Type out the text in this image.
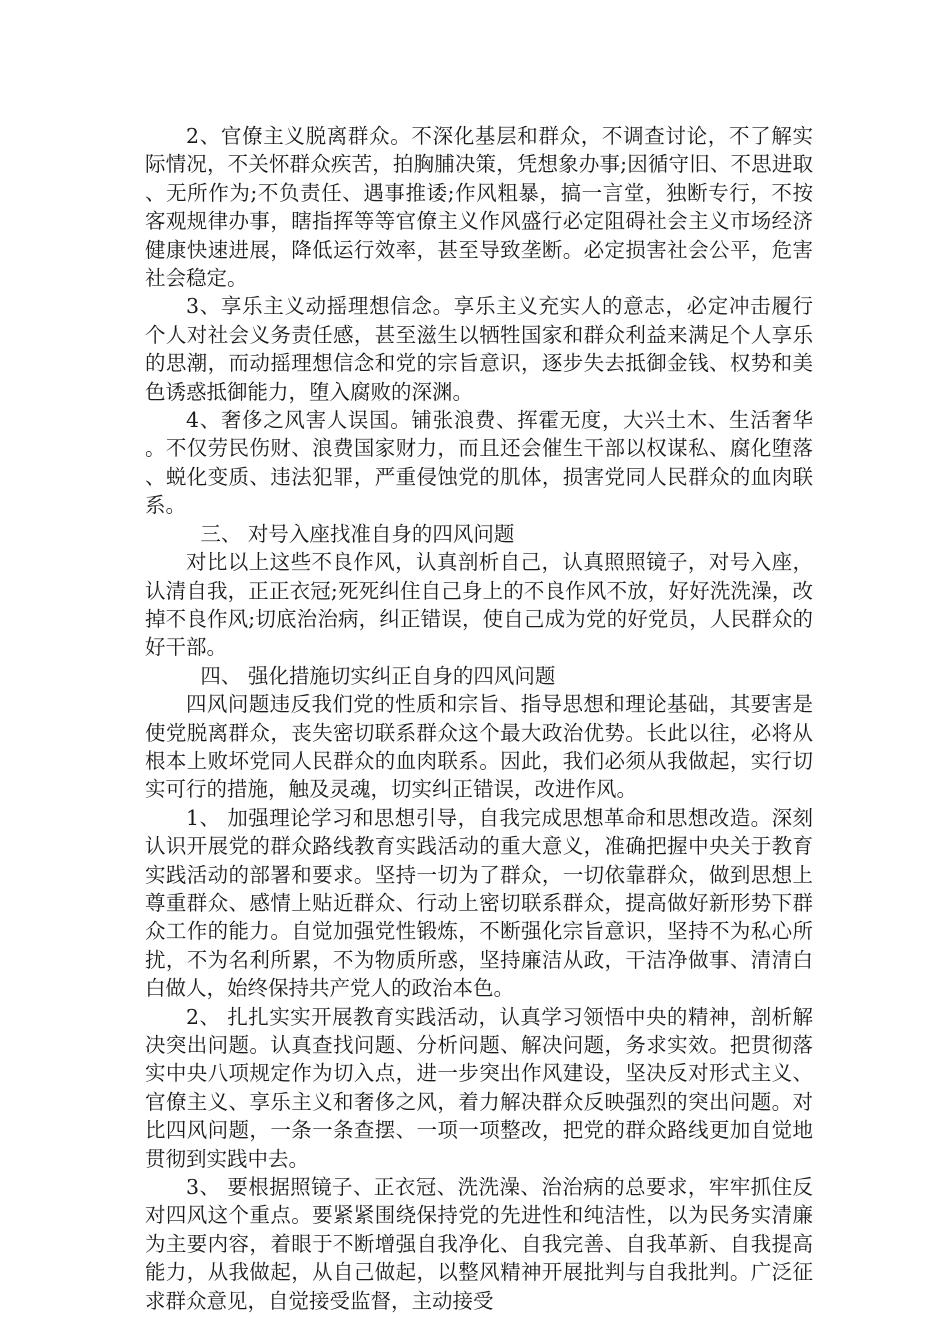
2、官僚主义脱离群众。不深化基层和群众，不调查讨论，不了解实际情况，不关怀群众疾苦，拍胸脯决策，凭想象办事;因循守旧、不思进取、无所作为;不负责任、遇事推诿;作风粗暴，搞一言堂，独断专行，不按客观规律办事，瞎指挥等等官僚主义作风盛行必定阻碍社会主义市场经济健康快速进展，降低运行效率，甚至导致垄断。必定损害社会公平，危害社会稳定。

3、享乐主义动摇理想信念。享乐主义充实人的意志，必定冲击履行个人对社会义务责任感，甚至滋生以牺牲国家和群众利益来满足个人享乐的思潮，而动摇理想信念和党的宗旨意识，逐步失去抵御金钱、权势和美色诱惑抵御能力，堕入腐败的深渊。

4、奢侈之风害人误国。铺张浪费、挥霍无度，大兴土木、生活奢华。不仅劳民伤财、浪费国家财力，而且还会催生干部以权谋私、腐化堕落、蜕化变质、违法犯罪，严重侵蚀党的肌体，损害党同人民群众的血肉联系。

三、 对号入座找准自身的四风问题

对比以上这些不良作风，认真剖析自己，认真照照镜子，对号入座，认清自我，正正衣冠;死死纠住自己身上的不良作风不放，好好洗洗澡，改掉不良作风;切底治治病，纠正错误，使自己成为党的好党员，人民群众的好干部。

四、 强化措施切实纠正自身的四风问题

四风问题违反我们党的性质和宗旨、指导思想和理论基础，其要害是使党脱离群众，丧失密切联系群众这个最大政治优势。长此以往，必将从根本上败坏党同人民群众的血肉联系。因此，我们必须从我做起，实行切实可行的措施，触及灵魂，切实纠正错误，改进作风。

1、 加强理论学习和思想引导，自我完成思想革命和思想改造。深刻认识开展党的群众路线教育实践活动的重大意义，准确把握中央关于教育实践活动的部署和要求。坚持一切为了群众，一切依靠群众，做到思想上尊重群众、感情上贴近群众、行动上密切联系群众，提高做好新形势下群众工作的能力。自觉加强党性锻炼，不断强化宗旨意识，坚持不为私心所扰，不为名利所累，不为物质所惑，坚持廉洁从政，干洁净做事、清清白白做人，始终保持共产党人的政治本色。

2、 扎扎实实开展教育实践活动，认真学习领悟中央的精神，剖析解决突出问题。认真查找问题、分析问题、解决问题，务求实效。把贯彻落实中央八项规定作为切入点，进一步突出作风建设，坚决反对形式主义、官僚主义、享乐主义和奢侈之风，着力解决群众反映强烈的突出问题。对比四风问题，一条一条查摆、一项一项整改，把党的群众路线更加自觉地贯彻到实践中去。

3、 要根据照镜子、正衣冠、洗洗澡、治治病的总要求，牢牢抓住反对四风这个重点。要紧紧围绕保持党的先进性和纯洁性，以为民务实清廉为主要内容，着眼于不断增强自我净化、自我完善、自我革新、自我提高能力，从我做起，从自己做起，以整风精神开展批判与自我批判。广泛征求群众意见，自觉接受监督，主动接受
